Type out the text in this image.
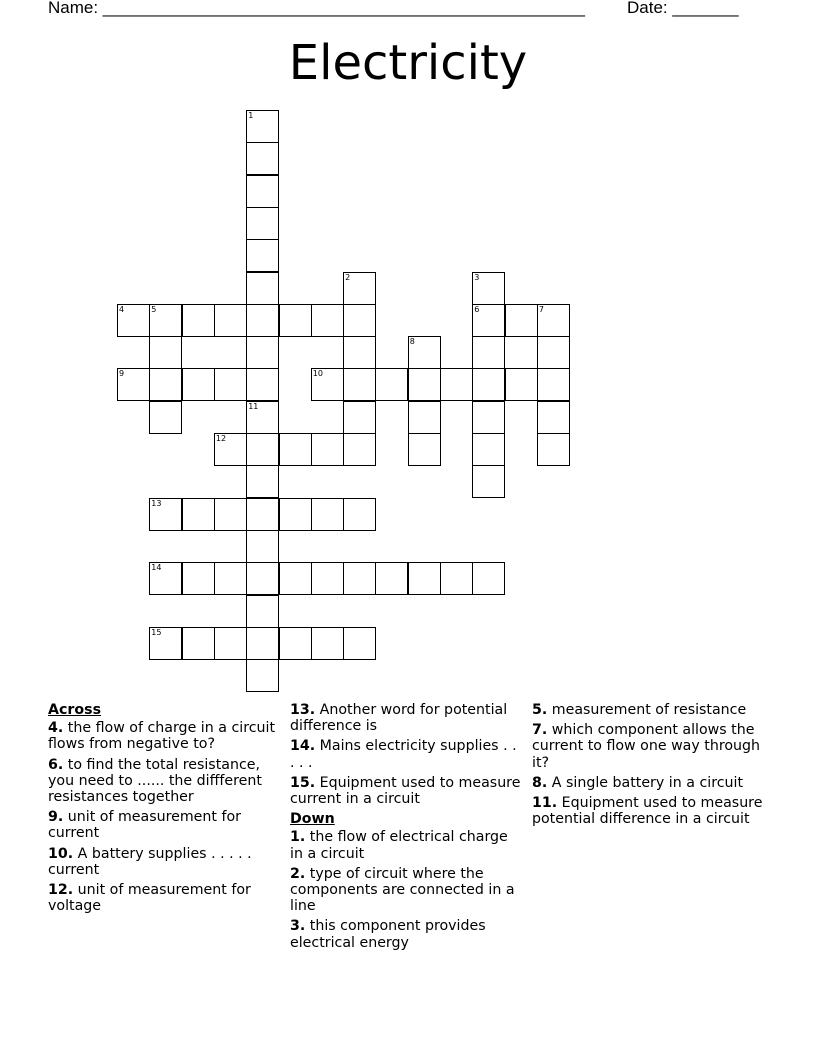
Name: ___________________________________________________ Date: _______
Electricity
1
11
2	3
6
4	5	7
8
9	10
12
13
14
15
Across
4. the flow of charge in a circuit flows from negative to?
6. to find the total resistance, you need to ...... the diffferent resistances together
9. unit of measurement for current
10. A battery supplies . . . . . current
12. unit of measurement for voltage
13. Another word for potential difference is
14. Mains electricity supplies . . . . .
15. Equipment used to measure current in a circuit
Down
1. the flow of electrical charge in a circuit
2. type of circuit where the components are connected in a line
3. this component provides electrical energy
5. measurement of resistance
7. which component allows the current to flow one way through it?
8. A single battery in a circuit
11. Equipment used to measure potential difference in a circuit
